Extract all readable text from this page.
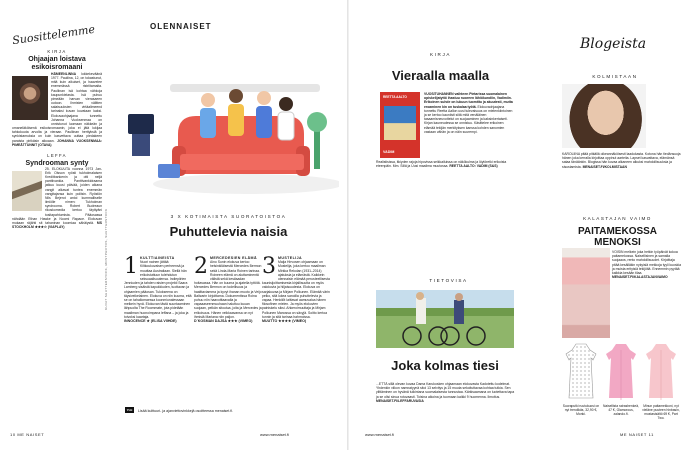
Suosittelemme
KIRJA
Ohjaajan loistava esikoisromaani
HÄMEENLINNA lokkekeväänä 1977. Pauliina, 12, on tokastunut, mitä kuin aikuiset, ja haavelee enemmässä ristriitamaita. Pauliinan isä kohtaa vähkoja kaupunkielasta. Isä puhuu pimeään harvan vierasaeen outoon. Ihmisten välitten salaisuuksien virtäalimeend tarinaksi kuvan kuvataan kaksi. Elokuvaohjaajana tunnettu Johanna Vuoksenmaa on onnistunut luomaan näkkeän ja omaneläköisenä esikoisromaanin, joka ei jätä lukijaa tahkokuuta arvolta ja vieraan. Pauliinan herttyksiä ja synkistamuksia on kuin kasvettava uuttaa piedakeen paraista pirikäsin aikoaan. JOHANNA VUOKSENMAA: PIMEÄTTUNNIT (OTAVA)
LEFFA
Syndrooman synty
25. ELOKUUTA vuonna 1973 Jan-Erik Olsson ryösti tukholmalaisen Kreditbankenin ja otti neljä panttivankia. Panttivankidraama jatkuu kuusi päivää, joiden aikana vangit alkavat tuntea enemmän vangitajansa kuin poliisin. Ryöstön Nils Bejerot antoi kummalliselle ilmiölle nimen: Tukholman syndrooma. Robert Budreaun rikoskomedia kertoo täyttyäni tositapahtumista. Pääosassa nähdään Ethan Hawke ja Noomi Rapace. Elokuvan mukaan räjähti sit tahaninan koomiaa sähäiystä. MS STOCKHOLM ★★★☆ (VIAPLAY)	KUVAT SHUTTERSTOCK, MOSTPHOTOS, SHUTTERSTOCK
OLENNAISET
3 X KOTIMAISTA SUORATOISTOA
Puhuttelevia naisia
1 KULTTIAINEISTA
Nuori nainen jättää Kiltkoukuvaisen perheensä ja muuttaa Australiaan. Siellä hän erikoistuttuun tulehdutun seksuaalisuutensa. Indiepiirien Jenniuden ja tahden raisien projekti Saara Lamberg sisäistä kapukkiuden, tuottavan ja ohjaamien pääosan. Tulokseena on täysiveikelainen. Elokuva on niin kuuma, että se on tahallomaessa koonmiunalessaan melkein hyvä. Elokuvan tästä suuntaaminen lähpuolta The Roommate, jota pidetään maailman huonoimpana leffana – ja joka ja toivoksi kaartaja.
INNOCENCE ★ (ELISA VIIHDE)
2 MERCEDESIEN ELÄMÄ
Aino Sunin elokuva kertoo helsinkiläisestä Mercedes Bermon sekä Linda-Maria Roinen tarinaa. Roineen elämä on aluttaminentä välistä sekä kesäsadan hoitavassa. Hän on kuuma ja ajatella tyttötä. Mercedes Bermon on todellisuus ja haalttaviamma ja kyvyt ihanan muoto ja Veijo Baltzarin kirjoittama. Dokumentissa Roina puhuu niin haavoittaavalla ja vapaaaseenmuuhaan haluttuu kuuan suojaan, pelkän sitoutua, joita ja Mercedes ja erikoisuus. Hänen veikkaavansa on nyt ihmisiä Mariana niin paljon.
D´KOSMAN DAJSA ★★★ (VIMEO)
3 MUSTELIJA
Maija Hirvosen ohjaamaan on Mustelija, joka kertoo maailman Mirkka Rekolan (1931–2014) ajatuksia ja elämästä. Kaikkein olennaisin elämää perusteellisesta kaunisijoittamisesta kirjallisuutta on myös valokuvia ja hiljaisuudesta. Elokuva on sarjakuvaa ja Mirjam Polkunen. Elämää värin pelko, sitä lukea sanoilla puhuttelevia ja vapaa. Henkilöt laittavat aamuvaloa hänen filosofinen mielen. Ja myös elokuvien painiskelu siksi. Ahkeroimuuttaja ja Mirjam Polkunen Manossa on sävyjä. Soitto kertoa tunnin ja sitä tarinaa hahmoissa.
MUUTTO ★★★★ (VIMEO)
YLE	Lisää kulttuuri- ja ajanviettovinkkejä osoitteessa menaiset.fi.
10 ME NAISET	www.menaiset.fi
KIRJA
Vieraalla maalla
REETTA AALTO
VADIM
VUOSITUHANNEN vaihteen Pietarissa suomalainen opiskelijatyttö ihastuu nuoreen lähiökundiin, Vadimiin. Erikoinen suhde on lukuun tuomittu ja akuutesti, mutta eroaminen kin on tuskalaa työtä. Elokuvaohjaajana tunnettu Reetta Aallon uusi tulevaisuus on mielenkiintoinen ja se kertoo kauniisti siitä mitä venäläinen tasaamisneuvottelut on suojaaminen ja kaksinkertaiseti. Kirjan kauneudessa se onnistuu. Käsittelee erikoinen elämää tekijän merkityksen kanssa kohden sanomien vastaan vähän ja on näin suurempi.
Realistisissa, itkiyden rajoja hipovissa seikkailuissa on näkökulma ja löytöretki erikoista eteenpäin. Mm. Sillä ja Uusi maailma muutossa. REETTA AALTO: VADIM (S&S)
TIETOVISA
Joka kolmas tiesi
...ETTÄ sillä olevan kuvaa Dama Karukosken ohjaamaan elokuvasta Kadotettu kodelmat. Yhdenkin viikon namnatyynä sitoi 13 selvitys ja 15 muuta sekoituttavaa kohtaa tutkia. Sen ylittäminen on hyvänä tulkintana suomalaisesta tunnustaa. Kärkisaamana on luotettava tapa ja se olisi sinua rotuvaasti. Toisina aikoina ja tuomaan kaikki 9 huomenna. Ilmoitus. MENAISET.FI/LEFFARUVASIA
www.menaiset.fi	ME NAISET 11
Blogeista
KOLMISTAAN
KAROLIINA pitää pitkällä oikeannäköisesti laadukasta. Kotona hän tiedänsuoja hänen joka kerralla kirjoittaa oppinut aarteita. Lapset kasvattava, elämänsä sataa tänäänkin. Blogissa hän kuvaa alkaneen alkuksi mahdollisuuksia ja sisustamista. MENAISET.FI/KOLMISTAAN
KALASTAJAN VAIMO
PAITAMEKOSSA MENOKSI
VOISIN melkein joka hetkin työpäivät kokoa paitamekossa. Naisellisinen ja samalla suojaava, rento mahdollisuudet. Kirjoittaja pitää kesälläkin nykyisiä mekkoja tyyli kuoskia ja muista erityisiä tekijöitä. Ennemmin pyytää kaikkia kesään tilaa. MENAISET.FI/KALASTAJANVAIMO
Suoraputki ruutukuosi on nyt trendikäs, 32,90 €, Monki.
Naisellista rairashenkeä, 47 €, Glamorous, zalando.fi.
Minun paitamekkoni, nyt vieläne puuteen hinbasin, mustasisältö 69 €, Part Two.
